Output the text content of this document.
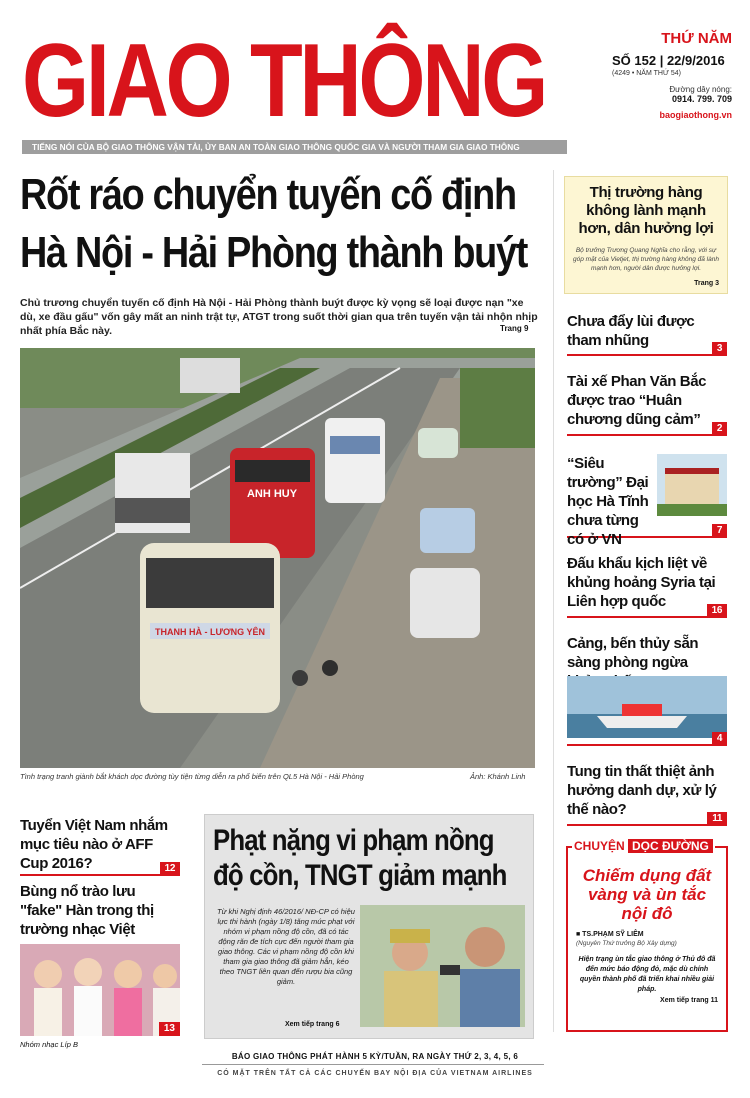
GIAO THÔNG
TIẾNG NÓI CỦA BỘ GIAO THÔNG VẬN TẢI, ỦY BAN AN TOÀN GIAO THÔNG QUỐC GIA VÀ NGƯỜI THAM GIA GIAO THÔNG
THỨ NĂM
SỐ 152 | 22/9/2016
(4249 • NĂM THỨ 54)
Đường dây nóng:
0914. 799. 709
baogiaothong.vn
Rốt ráo chuyển tuyến cố định
Hà Nội - Hải Phòng thành buýt
Chủ trương chuyển tuyến cố định Hà Nội - Hải Phòng thành buýt được kỳ vọng sẽ loại được nạn "xe dù, xe đầu gấu" vốn gây mất an ninh trật tự, ATGT trong suốt thời gian qua trên tuyến vận tải nhộn nhịp nhất phía Bắc này.	Trang 9
ANH HUY
THANH HÀ - LƯƠNG YÊN
Tình trạng tranh giành bắt khách dọc đường tùy tiện từng diễn ra phổ biến trên QL5 Hà Nội - Hải Phòng	Ảnh: Khánh Linh
Thị trường hàng không lành mạnh hơn, dân hưởng lợi
Bộ trưởng Trương Quang Nghĩa cho rằng, với sự góp mặt của Vietjet, thị trường hàng không đã lành mạnh hơn, người dân được hưởng lợi.
Trang 3
Chưa đẩy lùi được tham nhũng	3
Tài xế Phan Văn Bắc được trao “Huân chương dũng cảm”
2
“Siêu trường” Đại học Hà Tĩnh chưa từng có ở VN
7
Đấu khẩu kịch liệt về khủng hoảng Syria tại Liên hợp quốc
16
Cảng, bến thủy sẵn sàng phòng ngừa
4
Tung tin thất thiệt ảnh hưởng danh dự, xử lý thế nào?
11
Tuyển Việt Nam nhắm mục tiêu nào ở AFF Cup 2016?	12
Bùng nổ trào lưu "fake" Hàn trong thị trường nhạc Việt
13
Nhóm nhạc Líp B
Phạt nặng vi phạm nồng
độ cồn, TNGT giảm mạnh
Từ khi Nghị định 46/2016/ NĐ-CP có hiệu lực thi hành (ngày 1/8) tăng mức phạt với nhóm vi phạm nồng độ cồn, đã có tác động răn đe tích cực đến người tham gia giao thông. Các vi phạm nồng độ cồn khi tham gia giao thông đã giảm hẳn, kéo theo TNGT liên quan đến rượu bia cũng giảm.
Xem tiếp trang 6
CHUYỆN DỌC ĐƯỜNG
Chiếm dụng đất vàng và ùn tắc nội đô
■ TS.PHẠM SỸ LIÊM
(Nguyên Thứ trưởng Bộ Xây dựng)
Hiện trạng ùn tắc giao thông ở Thủ đô đã đến mức báo động đỏ, mặc dù chính quyền thành phố đã triển khai nhiều giải pháp.
Xem tiếp trang 11
BÁO GIAO THÔNG PHÁT HÀNH 5 KỲ/TUẦN, RA NGÀY THỨ 2, 3, 4, 5, 6
CÓ MẶT TRÊN TẤT CẢ CÁC CHUYẾN BAY NỘI ĐỊA CỦA VIETNAM AIRLINES
